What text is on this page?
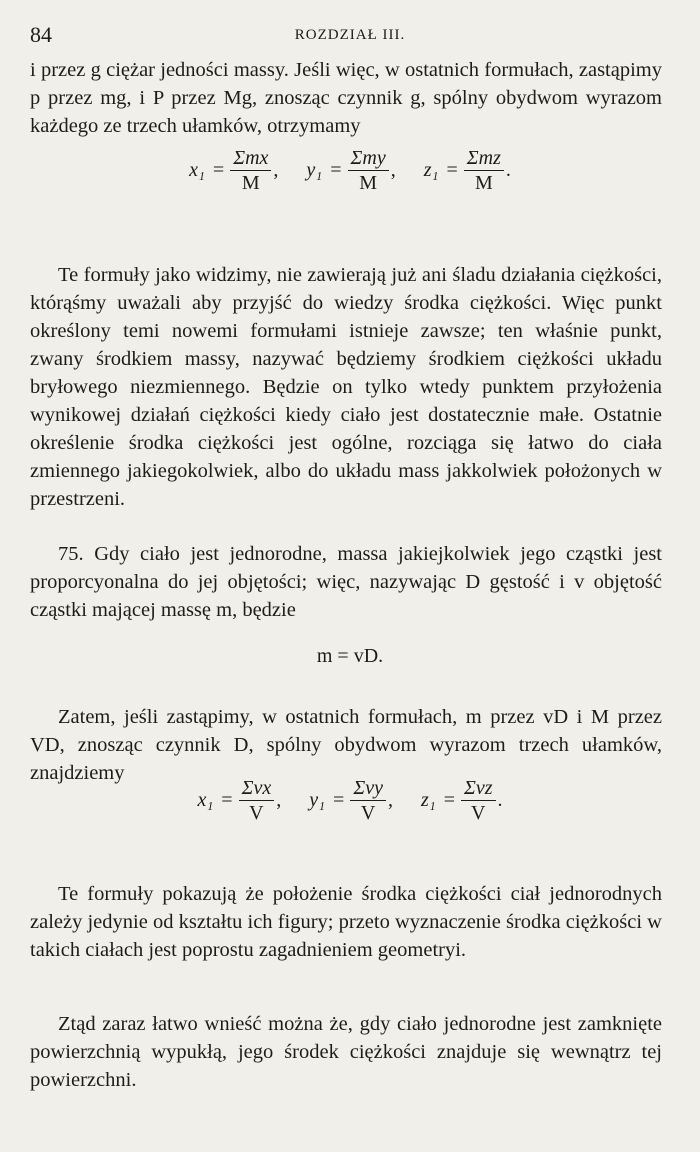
84	ROZDZIAŁ III.

i przez g ciężar jedności massy. Jeśli więc, w ostatnich formułach, zastąpimy p przez mg, i P przez Mg, znosząc czynnik g, spólny obydwom wyrazom każdego ze trzech ułamków, otrzymamy

$x_1 = \frac{\text{Σmx}}{M}$ , $y_1 = \frac{\text{Σmy}}{M}$ , $z_1 = \frac{\text{Σmz}}{M}$ .

Te formuły jako widzimy, nie zawierają już ani śladu działania ciężkości, którąśmy uważali aby przyjść do wiedzy środka ciężkości. Więc punkt określony temi nowemi formułami istnieje zawsze; ten właśnie punkt, zwany środkiem massy, nazywać będziemy środkiem ciężkości układu bryłowego niezmiennego. Będzie on tylko wtedy punktem przyłożenia wynikowej działań ciężkości kiedy ciało jest dostatecznie małe. Ostatnie określenie środka ciężkości jest ogólne, rozciąga się łatwo do ciała zmiennego jakiegokolwiek, albo do układu mass jakkolwiek położonych w przestrzeni.

75. Gdy ciało jest jednorodne, massa jakiejkolwiek jego cząstki jest proporcyonalna do jej objętości; więc, nazywając D gęstość i v objętość cząstki mającej massę m, będzie

m = vD.

Zatem, jeśli zastąpimy, w ostatnich formułach, m przez vD i M przez VD, znosząc czynnik D, spólny obydwom wyrazom trzech ułamków, znajdziemy

$x_1 = \frac{\text{Σvx}}{V}$ , $y_1 = \frac{\text{Σvy}}{V}$ , $z_1 = \frac{\text{Σvz}}{V}$ .

Te formuły pokazują że położenie środka ciężkości ciał jednorodnych zależy jedynie od kształtu ich figury; przeto wyznaczenie środka ciężkości w takich ciałach jest poprostu zagadnieniem geometryi.

Ztąd zaraz łatwo wnieść można że, gdy ciało jednorodne jest zamknięte powierzchnią wypukłą, jego środek ciężkości znajduje się wewnątrz tej powierzchni.
